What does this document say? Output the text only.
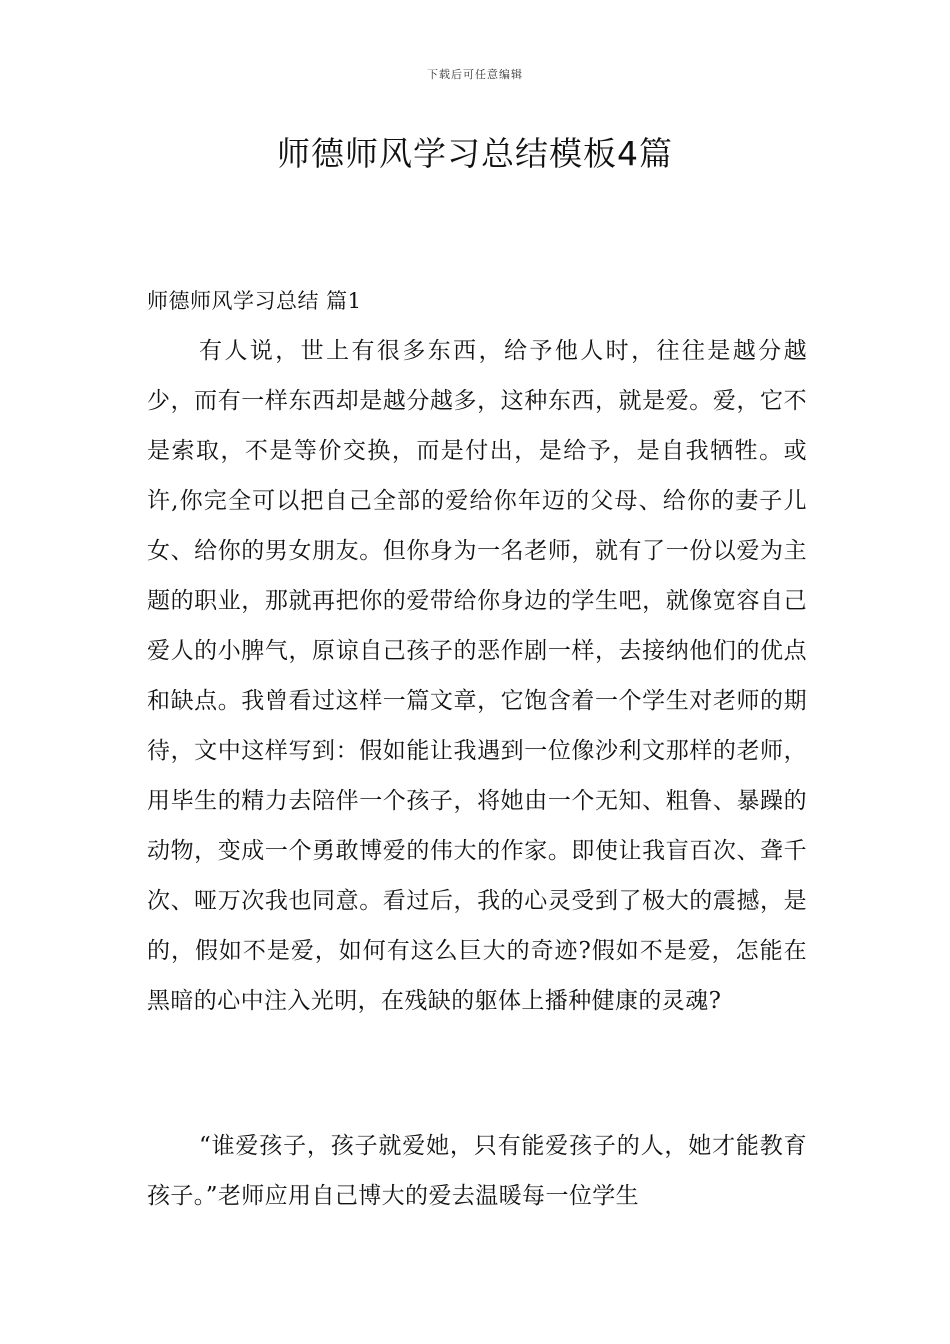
下载后可任意编辑
师德师风学习总结模板4篇
师德师风学习总结 篇1

有人说，世上有很多东西，给予他人时，往往是越分越少，而有一样东西却是越分越多，这种东西，就是爱。爱，它不是索取，不是等价交换，而是付出，是给予，是自我牺牲。或许,你完全可以把自己全部的爱给你年迈的父母、给你的妻子儿女、给你的男女朋友。但你身为一名老师，就有了一份以爱为主题的职业，那就再把你的爱带给你身边的学生吧，就像宽容自己爱人的小脾气，原谅自己孩子的恶作剧一样，去接纳他们的优点和缺点。我曾看过这样一篇文章，它饱含着一个学生对老师的期待，文中这样写到：假如能让我遇到一位像沙利文那样的老师，用毕生的精力去陪伴一个孩子，将她由一个无知、粗鲁、暴躁的动物，变成一个勇敢博爱的伟大的作家。即使让我盲百次、聋千次、哑万次我也同意。看过后，我的心灵受到了极大的震撼，是的，假如不是爱，如何有这么巨大的奇迹?假如不是爱，怎能在黑暗的心中注入光明，在残缺的躯体上播种健康的灵魂?

“谁爱孩子，孩子就爱她，只有能爱孩子的人，她才能教育孩子。”老师应用自己博大的爱去温暖每一位学生
